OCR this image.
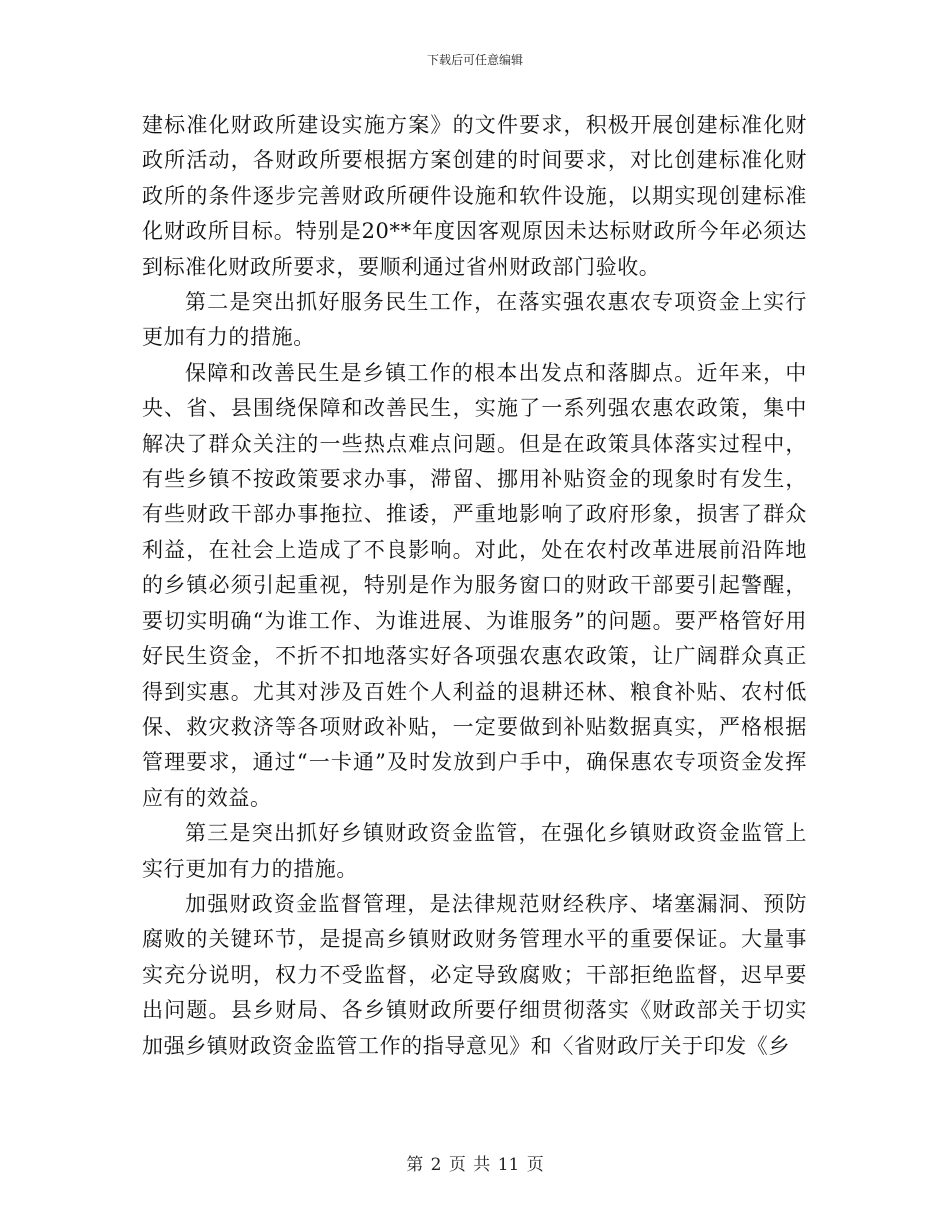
下载后可任意编辑

建标准化财政所建设实施方案》的文件要求，积极开展创建标准化财政所活动，各财政所要根据方案创建的时间要求，对比创建标准化财政所的条件逐步完善财政所硬件设施和软件设施，以期实现创建标准化财政所目标。特别是20**年度因客观原因未达标财政所今年必须达到标准化财政所要求，要顺利通过省州财政部门验收。

第二是突出抓好服务民生工作，在落实强农惠农专项资金上实行更加有力的措施。

保障和改善民生是乡镇工作的根本出发点和落脚点。近年来，中央、省、县围绕保障和改善民生，实施了一系列强农惠农政策，集中解决了群众关注的一些热点难点问题。但是在政策具体落实过程中，有些乡镇不按政策要求办事，滞留、挪用补贴资金的现象时有发生，有些财政干部办事拖拉、推诿，严重地影响了政府形象，损害了群众利益，在社会上造成了不良影响。对此，处在农村改革进展前沿阵地的乡镇必须引起重视，特别是作为服务窗口的财政干部要引起警醒，要切实明确“为谁工作、为谁进展、为谁服务”的问题。要严格管好用好民生资金，不折不扣地落实好各项强农惠农政策，让广阔群众真正得到实惠。尤其对涉及百姓个人利益的退耕还林、粮食补贴、农村低保、救灾救济等各项财政补贴，一定要做到补贴数据真实，严格根据管理要求，通过“一卡通”及时发放到户手中，确保惠农专项资金发挥应有的效益。

第三是突出抓好乡镇财政资金监管，在强化乡镇财政资金监管上实行更加有力的措施。

加强财政资金监督管理，是法律规范财经秩序、堵塞漏洞、预防腐败的关键环节，是提高乡镇财政财务管理水平的重要保证。大量事实充分说明，权力不受监督，必定导致腐败；干部拒绝监督，迟早要出问题。县乡财局、各乡镇财政所要仔细贯彻落实《财政部关于切实加强乡镇财政资金监管工作的指导意见》和〈省财政厅关于印发《乡

第 2 页 共 11 页
